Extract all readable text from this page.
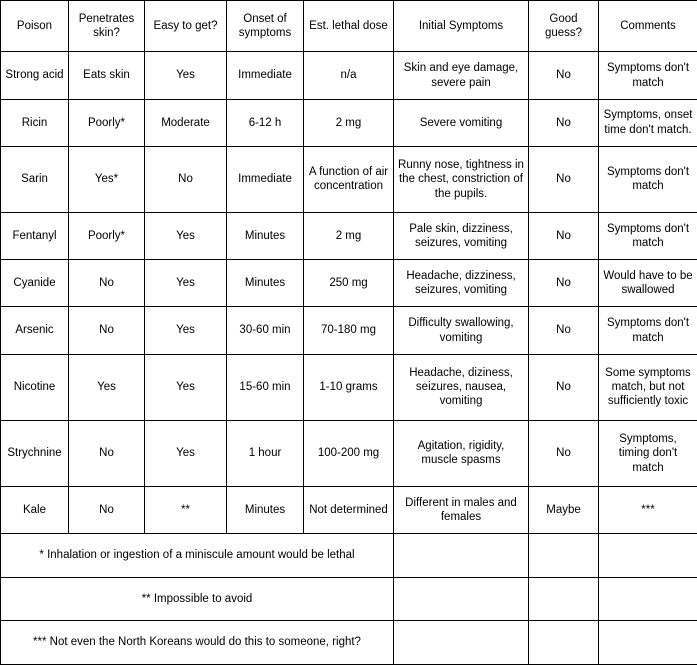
Poison	Penetrates skin?	Easy to get?	Onset of symptoms	Est. lethal dose	Initial Symptoms	Good guess?	Comments
Strong acid	Eats skin	Yes	Immediate	n/a	Skin and eye damage, severe pain	No	Symptoms don't match
Ricin	Poorly*	Moderate	6-12 h	2 mg	Severe vomiting	No	Symptoms, onset time don't match.
Sarin	Yes*	No	Immediate	A function of air concentration	Runny nose, tightness in the chest, constriction of the pupils.	No	Symptoms don't match
Fentanyl	Poorly*	Yes	Minutes	2 mg	Pale skin, dizziness, seizures, vomiting	No	Symptoms don't match
Cyanide	No	Yes	Minutes	250 mg	Headache, dizziness, seizures, vomiting	No	Would have to be swallowed
Arsenic	No	Yes	30-60 min	70-180 mg	Difficulty swallowing, vomiting	No	Symptoms don't match
Nicotine	Yes	Yes	15-60 min	1-10 grams	Headache, diziness, seizures, nausea, vomiting	No	Some symptoms match, but not sufficiently toxic
Strychnine	No	Yes	1 hour	100-200 mg	Agitation, rigidity, muscle spasms	No	Symptoms, timing don't match
Kale	No	**	Minutes	Not determined	Different in males and females	Maybe	***
* Inhalation or ingestion of a miniscule amount would be lethal							
** Impossible to avoid							
*** Not even the North Koreans would do this to someone, right?							
